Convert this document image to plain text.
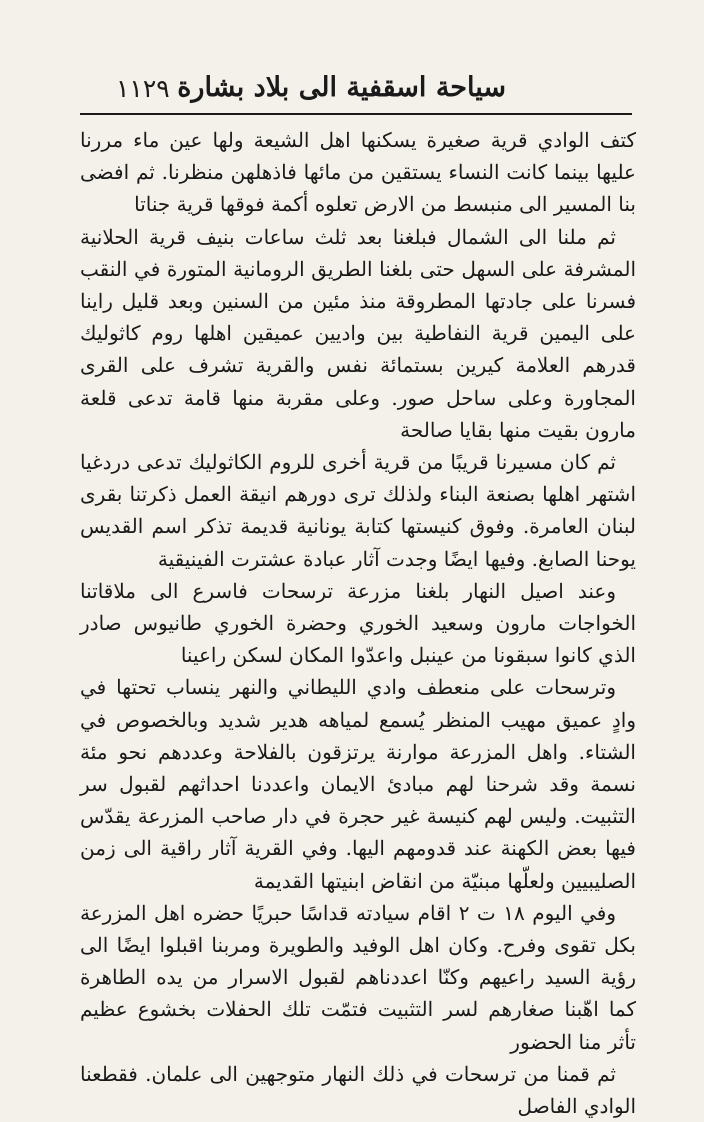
١١٢٩ سياحة اسقفية الى بلاد بشارة

كتف الوادي قرية صغيرة يسكنها اهل الشيعة ولها عين ماء مررنا عليها بينما كانت النساء يستقين من مائها فاذهلهن منظرنا. ثم افضى بنا المسير الى منبسط من الارض تعلوه أكمة فوقها قرية جناتا

ثم ملنا الى الشمال فبلغنا بعد ثلث ساعات بنيف قرية الحلانية المشرفة على السهل حتى بلغنا الطريق الرومانية المتورة في النقب فسرنا على جادتها المطروقة منذ مئين من السنين وبعد قليل راينا على اليمين قرية النفاطية بين واديين عميقين اهلها روم كاثوليك قدرهم العلامة كيرين بستمائة نفس والقرية تشرف على القرى المجاورة وعلى ساحل صور. وعلى مقربة منها قامة تدعى قلعة مارون بقيت منها بقايا صالحة

ثم كان مسيرنا قريبًا من قرية أخرى للروم الكاثوليك تدعى دردغيا اشتهر اهلها بصنعة البناء ولذلك ترى دورهم انيقة العمل ذكرتنا بقرى لبنان العامرة. وفوق كنيستها كتابة يونانية قديمة تذكر اسم القديس يوحنا الصابغ. وفيها ايضًا وجدت آثار عبادة عشترت الفينيقية

وعند اصيل النهار بلغنا مزرعة ترسحات فاسرع الى ملاقاتنا الخواجات مارون وسعيد الخوري وحضرة الخوري طانيوس صادر الذي كانوا سبقونا من عينبل واعدّوا المكان لسكن راعينا

وترسحات على منعطف وادي الليطاني والنهر ينساب تحتها في وادٍ عميق مهيب المنظر يُسمع لمياهه هدير شديد وبالخصوص في الشتاء. واهل المزرعة موارنة يرتزقون بالفلاحة وعددهم نحو مئة نسمة وقد شرحنا لهم مبادئ الايمان واعددنا احداثهم لقبول سر التثبيت. وليس لهم كنيسة غير حجرة في دار صاحب المزرعة يقدّس فيها بعض الكهنة عند قدومهم اليها. وفي القرية آثار راقية الى زمن الصليبيين ولعلّها مبنيّة من انقاض ابنيتها القديمة

وفي اليوم ١٨ ت ٢ اقام سيادته قداسًا حبريًا حضره اهل المزرعة بكل تقوى وفرح. وكان اهل الوفيد والطويرة ومربنا اقبلوا ايضًا الى رؤية السيد راعيهم وكنّا اعددناهم لقبول الاسرار من يده الطاهرة كما اهّبنا صغارهم لسر التثبيت فتمّت تلك الحفلات بخشوع عظيم تأثر منا الحضور

ثم قمنا من ترسحات في ذلك النهار متوجهين الى علمان. فقطعنا الوادي الفاصل
